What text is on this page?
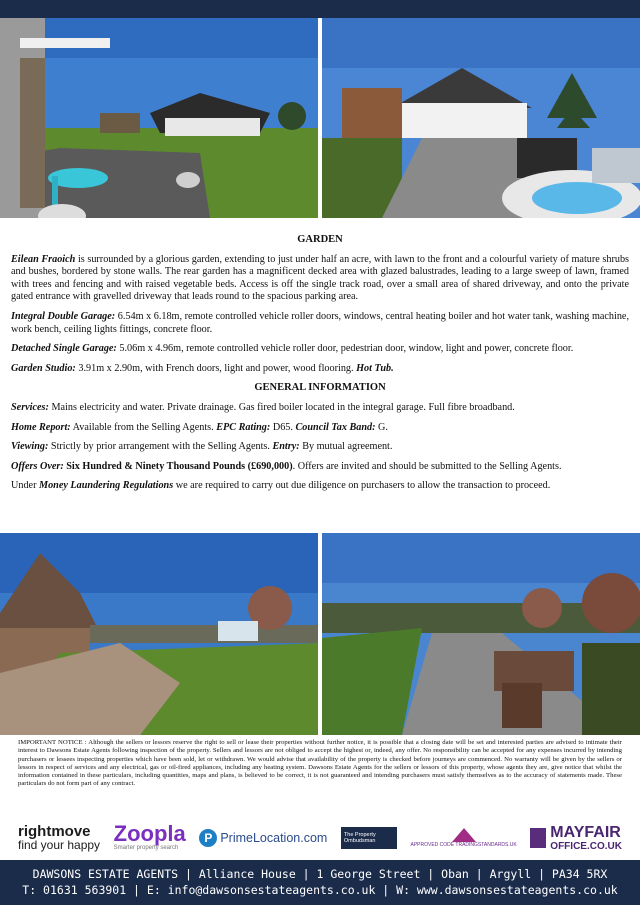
GARDEN

Eilean Fraoich is surrounded by a glorious garden, extending to just under half an acre, with lawn to the front and a colourful variety of mature shrubs and bushes, bordered by stone walls. The rear garden has a magnificent decked area with glazed balustrades, leading to a large sweep of lawn, framed with trees and fencing and with raised vegetable beds. Access is off the single track road, over a small area of shared driveway, and onto the private gated entrance with gravelled driveway that leads round to the spacious parking area.

Integral Double Garage: 6.54m x 6.18m, remote controlled vehicle roller doors, windows, central heating boiler and hot water tank, washing machine, work bench, ceiling lights fittings, concrete floor.

Detached Single Garage: 5.06m x 4.96m, remote controlled vehicle roller door, pedestrian door, window, light and power, concrete floor.

Garden Studio: 3.91m x 2.90m, with French doors, light and power, wood flooring. Hot Tub.

GENERAL INFORMATION

Services: Mains electricity and water. Private drainage. Gas fired boiler located in the integral garage. Full fibre broadband.

Home Report: Available from the Selling Agents. EPC Rating: D65. Council Tax Band: G.

Viewing: Strictly by prior arrangement with the Selling Agents. Entry: By mutual agreement.

Offers Over: Six Hundred & Ninety Thousand Pounds (£690,000). Offers are invited and should be submitted to the Selling Agents.

Under Money Laundering Regulations we are required to carry out due diligence on purchasers to allow the transaction to proceed.

IMPORTANT NOTICE : Although the sellers or lessors reserve the right to sell or lease their properties without further notice, it is possible that a closing date will be set and interested parties are advised to intimate their interest to Dawsons Estate Agents following inspection of the property. Sellers and lessors are not obliged to accept the highest or, indeed, any offer. No responsibility can be accepted for any expenses incurred by intending purchasers or lessees inspecting properties which have been sold, let or withdrawn. We would advise that availability of the property is checked before journeys are commenced. No warranty will be given by the sellers or lessors in respect of services and any electrical, gas or oil-fired appliances, including any heating system. Dawsons Estate Agents for the sellers or lessors of this property, whose agents they are, give notice that whilst the information contained in these particulars, including quantities, maps and plans, is believed to be correct, it is not guaranteed and intending purchasers must satisfy themselves as to the accuracy of statements made. These particulars do not form part of any contract.
rightmove
find your happy Zoopla
Smarter property search
P PrimeLocation.com	The Property Ombudsman
APPROVED CODE TRADINGSTANDARDS.UK
MAYFAIR
OFFICE.CO.UK
DAWSONS ESTATE AGENTS | Alliance House | 1 George Street | Oban | Argyll | PA34 5RX
T: 01631 563901 | E: info@dawsonsestateagents.co.uk | W: www.dawsonsestateagents.co.uk
